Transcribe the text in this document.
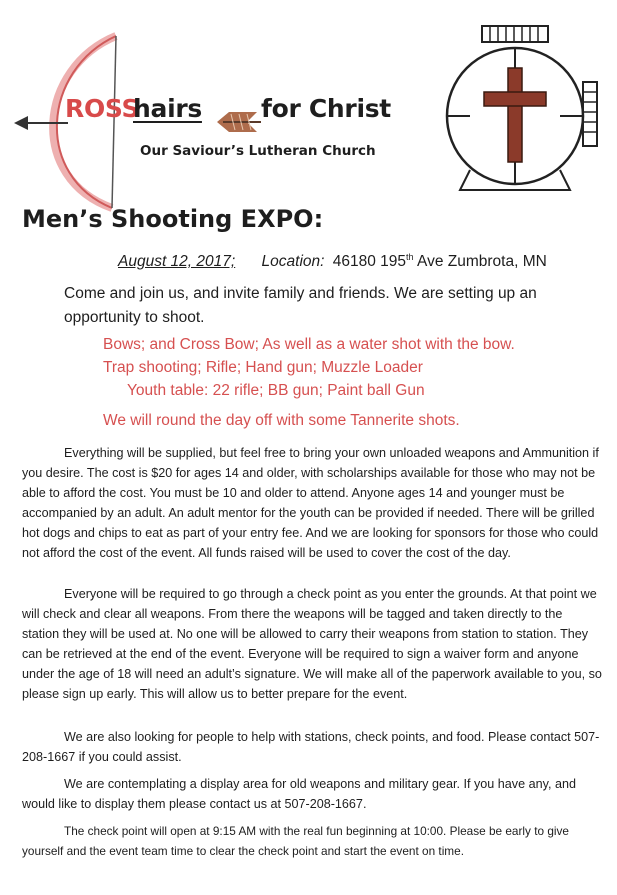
ROSS
hairs for Christ
Our Saviour’s Lutheran Church
Men’s Shooting EXPO:
August 12, 2017; Location: 46180 195th Ave Zumbrota, MN
Come and join us, and invite family and friends. We are setting up an opportunity to shoot.
Bows; and Cross Bow; As well as a water shot with the bow.
Trap shooting; Rifle; Hand gun; Muzzle Loader
Youth table: 22 rifle; BB gun; Paint ball Gun
We will round the day off with some Tannerite shots.

Everything will be supplied, but feel free to bring your own unloaded weapons and Ammunition if you desire. The cost is $20 for ages 14 and older, with scholarships available for those who may not be able to afford the cost. You must be 10 and older to attend. Anyone ages 14 and younger must be accompanied by an adult. An adult mentor for the youth can be provided if needed. There will be grilled hot dogs and chips to eat as part of your entry fee. And we are looking for sponsors for those who could not afford the cost of the event. All funds raised will be used to cover the cost of the day.

Everyone will be required to go through a check point as you enter the grounds. At that point we will check and clear all weapons. From there the weapons will be tagged and taken directly to the station they will be used at. No one will be allowed to carry their weapons from station to station. They can be retrieved at the end of the event. Everyone will be required to sign a waiver form and anyone under the age of 18 will need an adult’s signature. We will make all of the paperwork available to you, so please sign up early. This will allow us to better prepare for the event.

We are also looking for people to help with stations, check points, and food. Please contact 507-208-1667 if you could assist.

We are contemplating a display area for old weapons and military gear. If you have any, and would like to display them please contact us at 507-208-1667.

The check point will open at 9:15 AM with the real fun beginning at 10:00. Please be early to give yourself and the event team time to clear the check point and start the event on time.
